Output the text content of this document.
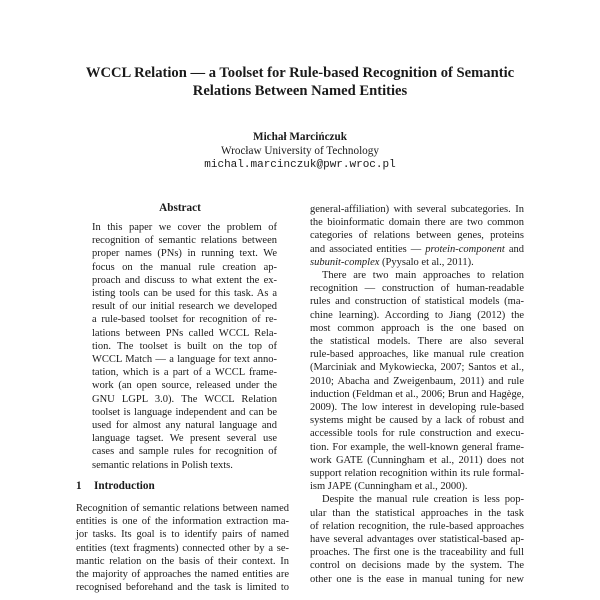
WCCL Relation — a Toolset for Rule-based Recognition of Semantic
Relations Between Named Entities
Michał Marcińczuk
Wrocław University of Technology
michal.marcinczuk@pwr.wroc.pl
Abstract
In this paper we cover the problem of
recognition of semantic relations between
proper names (PNs) in running text. We
focus on the manual rule creation ap-
proach and discuss to what extent the ex-
isting tools can be used for this task. As a
result of our initial research we developed
a rule-based toolset for recognition of re-
lations between PNs called WCCL Rela-
tion. The toolset is built on the top of
WCCL Match — a language for text anno-
tation, which is a part of a WCCL frame-
work (an open source, released under the
GNU LGPL 3.0). The WCCL Relation
toolset is language independent and can be
used for almost any natural language and
language tagset. We present several use
cases and sample rules for recognition of
semantic relations in Polish texts.
1 Introduction
Recognition of semantic relations between named
entities is one of the information extraction ma-
jor tasks. Its goal is to identify pairs of named
entities (text fragments) connected other by a se-
mantic relation on the basis of their context. In
the majority of approaches the named entities are
recognised beforehand and the task is limited to
general-affiliation) with several subcategories. In
the bioinformatic domain there are two common
categories of relations between genes, proteins
and associated entities — protein-component and
subunit-complex (Pyysalo et al., 2011).
There are two main approaches to relation
recognition — construction of human-readable
rules and construction of statistical models (ma-
chine learning). According to Jiang (2012) the
most common approach is the one based on
the statistical models. There are also several
rule-based approaches, like manual rule creation
(Marciniak and Mykowiecka, 2007; Santos et al.,
2010; Abacha and Zweigenbaum, 2011) and rule
induction (Feldman et al., 2006; Brun and Hagège,
2009). The low interest in developing rule-based
systems might be caused by a lack of robust and
accessible tools for rule construction and execu-
tion. For example, the well-known general frame-
work GATE (Cunningham et al., 2011) does not
support relation recognition within its rule formal-
ism JAPE (Cunningham et al., 2000).
Despite the manual rule creation is less pop-
ular than the statistical approaches in the task
of relation recognition, the rule-based approaches
have several advantages over statistical-based ap-
proaches. The first one is the traceability and full
control on decisions made by the system. The
other one is the ease in manual tuning for new
